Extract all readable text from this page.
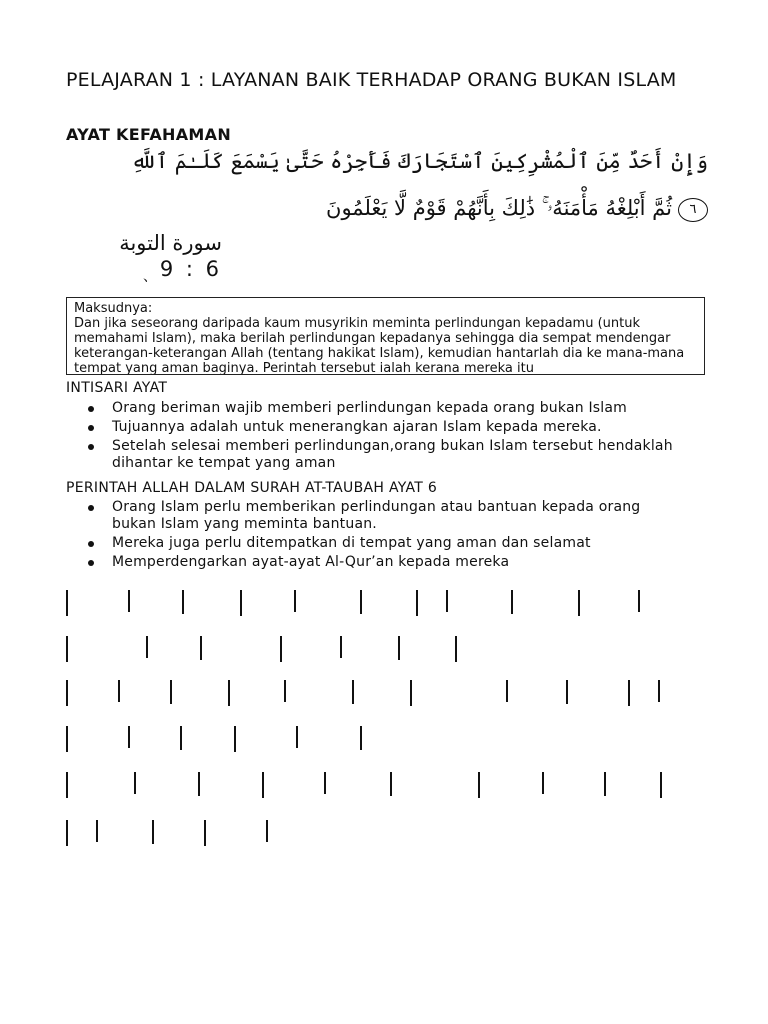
PELAJARAN 1 : LAYANAN BAIK TERHADAP ORANG BUKAN ISLAM
AYAT KEFAHAMAN
وَإِنْ أَحَدٌ مِّنَ ٱلْمُشْرِكِينَ ٱسْتَجَارَكَ فَأَجِرْهُ حَتَّىٰ يَسْمَعَ كَلَـٰمَ ٱللَّهِ
٦ثُمَّ أَبْلِغْهُ مَأْمَنَهُۥ ۚ ذَٰلِكَ بِأَنَّهُمْ قَوْمٌ لَّا يَعْلَمُونَ
سورة التوبة
9 : 6
、
Maksudnya:
Dan jika seseorang daripada kaum musyrikin meminta perlindungan kepadamu (untuk memahami Islam), maka berilah perlindungan kepadanya sehingga dia sempat mendengar keterangan-keterangan Allah (tentang hakikat Islam), kemudian hantarlah dia ke mana-mana tempat yang aman baginya. Perintah tersebut ialah kerana mereka itu
INTISARI AYAT
Orang beriman wajib memberi perlindungan kepada orang bukan Islam
Tujuannya adalah untuk menerangkan ajaran Islam kepada mereka.
Setelah selesai memberi perlindungan,orang bukan Islam tersebut hendaklah dihantar ke tempat yang aman
PERINTAH ALLAH DALAM SURAH AT-TAUBAH AYAT 6
Orang Islam perlu memberikan perlindungan atau bantuan kepada orang bukan Islam yang meminta bantuan.
Mereka juga perlu ditempatkan di tempat yang aman dan selamat
Memperdengarkan ayat-ayat Al-Qur’an kepada mereka
